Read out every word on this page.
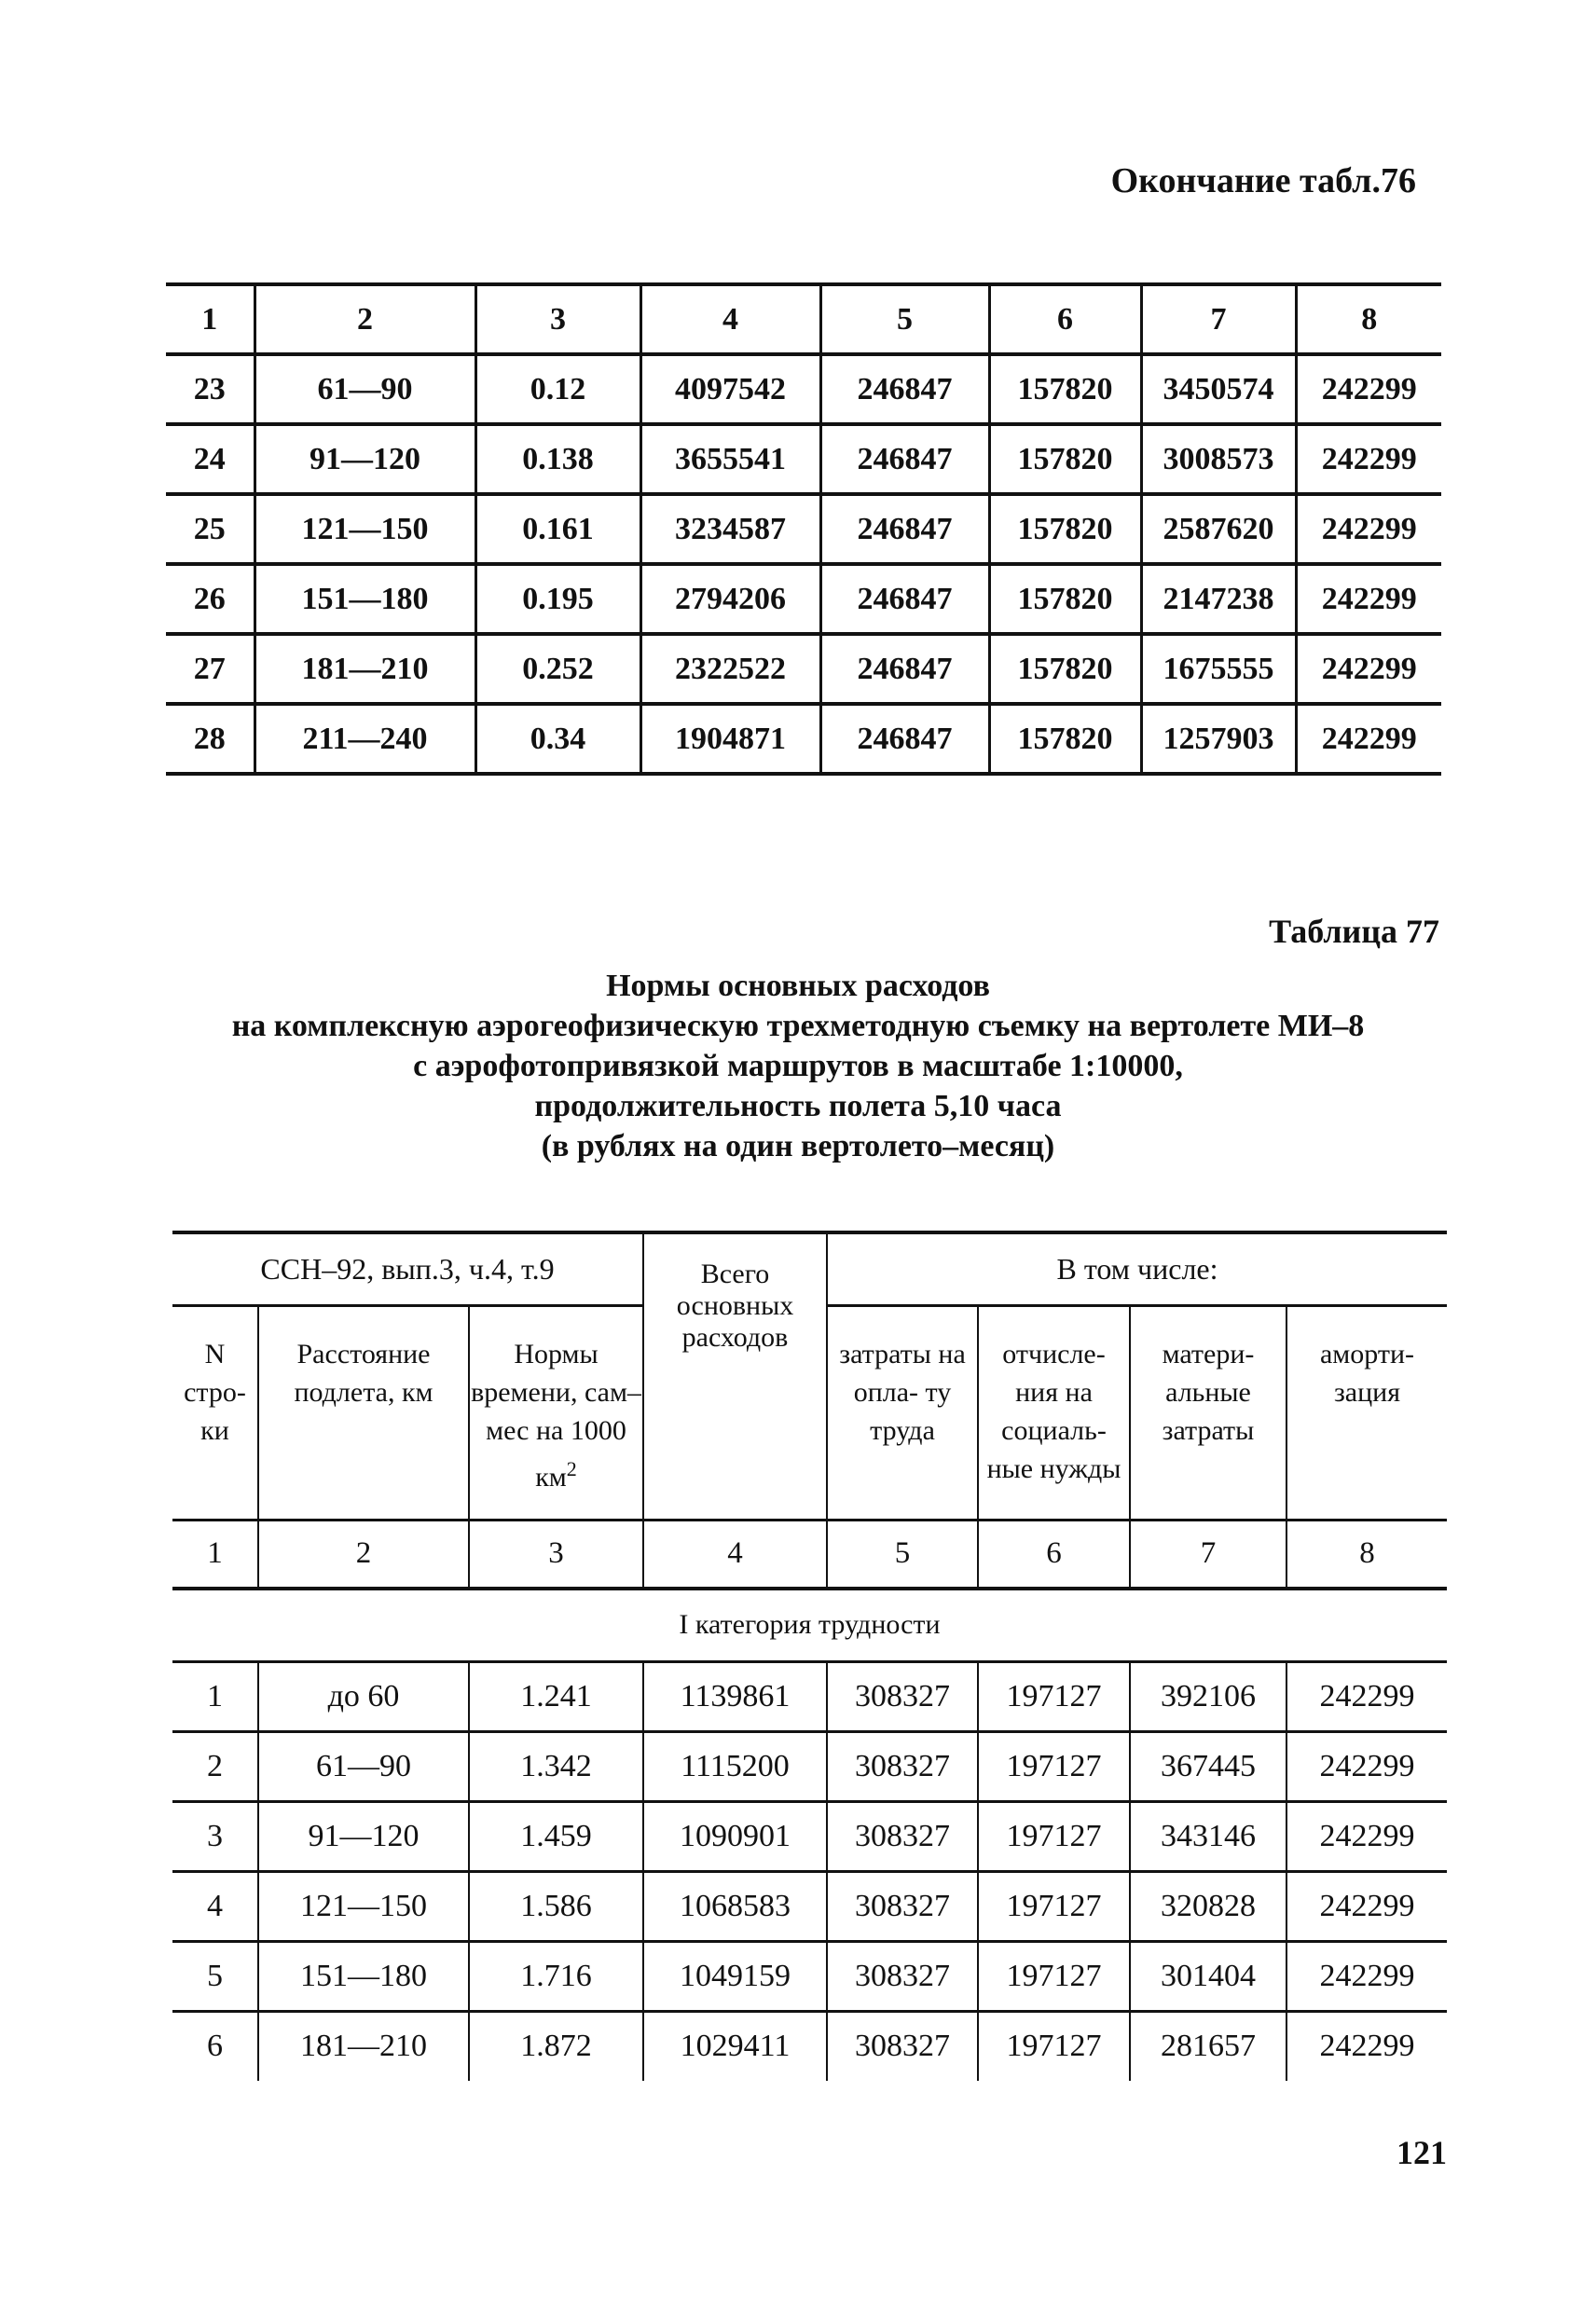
Окончание табл.76
1	2	3	4	5	6	7	8
23	61—90	0.12	4097542	246847	157820	3450574	242299
24	91—120	0.138	3655541	246847	157820	3008573	242299
25	121—150	0.161	3234587	246847	157820	2587620	242299
26	151—180	0.195	2794206	246847	157820	2147238	242299
27	181—210	0.252	2322522	246847	157820	1675555	242299
28	211—240	0.34	1904871	246847	157820	1257903	242299
Таблица 77
Нормы основных расходов
на комплексную аэрогеофизическую трехметодную съемку на вертолете МИ–8
с аэрофотопривязкой маршрутов в масштабе 1:10000,
продолжительность полета 5,10 часа
(в рублях на один вертолето–месяц)
ССН–92, вып.3, ч.4, т.9			Всего основных расходов	В том числе:			
N стро- ки	Расстояние подлета, км	Нормы времени, сам–мес на 1000 $км^2$		затраты на опла- ту труда	отчисле- ния на социаль- ные нужды	матери- альные затраты	аморти- зация
1	2	3	4	5	6	7	8
I категория трудности							
1	до 60	1.241	1139861	308327	197127	392106	242299
2	61—90	1.342	1115200	308327	197127	367445	242299
3	91—120	1.459	1090901	308327	197127	343146	242299
4	121—150	1.586	1068583	308327	197127	320828	242299
5	151—180	1.716	1049159	308327	197127	301404	242299
6	181—210	1.872	1029411	308327	197127	281657	242299
121
